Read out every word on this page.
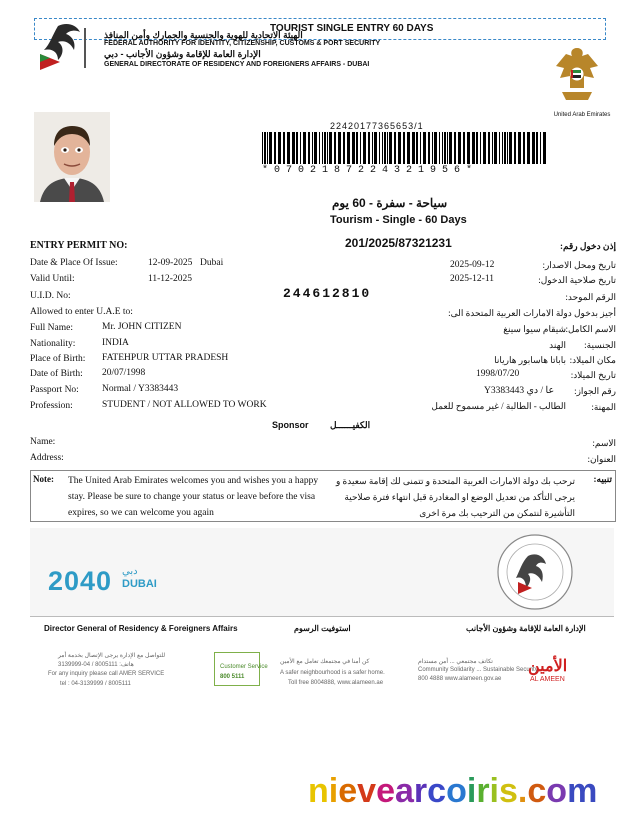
TOURIST SINGLE ENTRY 60 DAYS
الهيئة الاتحادية للهوية والجنسية والجمارك وأمن المنافذ
FEDERAL AUTHORITY FOR IDENTITY, CITIZENSHIP, CUSTOMS & PORT SECURITY
الإدارة العامة للإقامة وشؤون الأجانب - دبي
GENERAL DIRECTORATE OF RESIDENCY AND FOREIGNERS AFFAIRS - DUBAI
United Arab Emirates
22420177365653/1
*0702187224321956*
سياحة - سفرة - 60 يوم
Tourism - Single - 60 Days
ENTRY PERMIT NO:	201/2025/87321231	إذن دخول رقم:
Date & Place Of Issue:	12-09-2025 Dubai	2025-09-12	تاريخ ومحل الاصدار:
Valid Until:	11-12-2025	2025-12-11	تاريخ صلاحية الدخول:
U.I.D. No:	244612810	الرقم الموحد:
Allowed to enter U.A.E to:	أجيز بدخول دولة الامارات العربية المتحدة الى:
Full Name:	Mr. JOHN CITIZEN	شيقام سيوا سينغ الاسم الكامل:
Nationality:	INDIA	الهند الجنسية:
Place of Birth: FATEHPUR UTTAR PRADESH	باباتا هاسابور هاريانا مكان الميلاد:
Date of Birth: 20/07/1998	1998/07/20	تاريخ الميلاد:
Passport No: Normal / Y3383443	Y3383443 عا / دي رقم الجواز:
Profession:	STUDENT / NOT ALLOWED TO WORK	الطالب - الطالبة / غير مسموح للعمل	المهنة:
Sponsor الكفيــــــل
Name:	الاسم:
Address:	العنوان:
Note: The United Arab Emirates welcomes you and wishes you a happy stay. Please be sure to change your status or leave before the visa expires, so we can welcome you again
تنبيه:
ترحب بك دولة الامارات العربية المتحدة و تتمنى لك إقامة سعيدة و يرجى التأكد من تعديل الوضع او المغادرة قبل انتهاء فترة صلاحية التأشيرة لنتمكن من الترحيب بك مرة اخرى
2040 دبي
DUBAI
Director General of Residency & Foreigners Affairs	استوفيت الرسوم	الإدارة العامة للإقامة وشؤون الأجانب
للتواصل مع الإدارة يرجى الإتصال بخدمة أمر
هاتف: 8005111 / 04-3139999
For any inquiry please call AMER SERVICE
tel : 04-3139999 / 8005111
Customer Service
800 5111
كن أمنا في مجتمعك تعامل مع الأمين
A safer neighbourhood is a safer home.
Toll free 8004888, www.alameen.ae
تكاتف مجتمعي ... أمن مستدام
Community Solidarity ... Sustainable Security
800 4888 www.alameen.gov.ae
الأمين
AL AMEEN
nievearcoiris.com
